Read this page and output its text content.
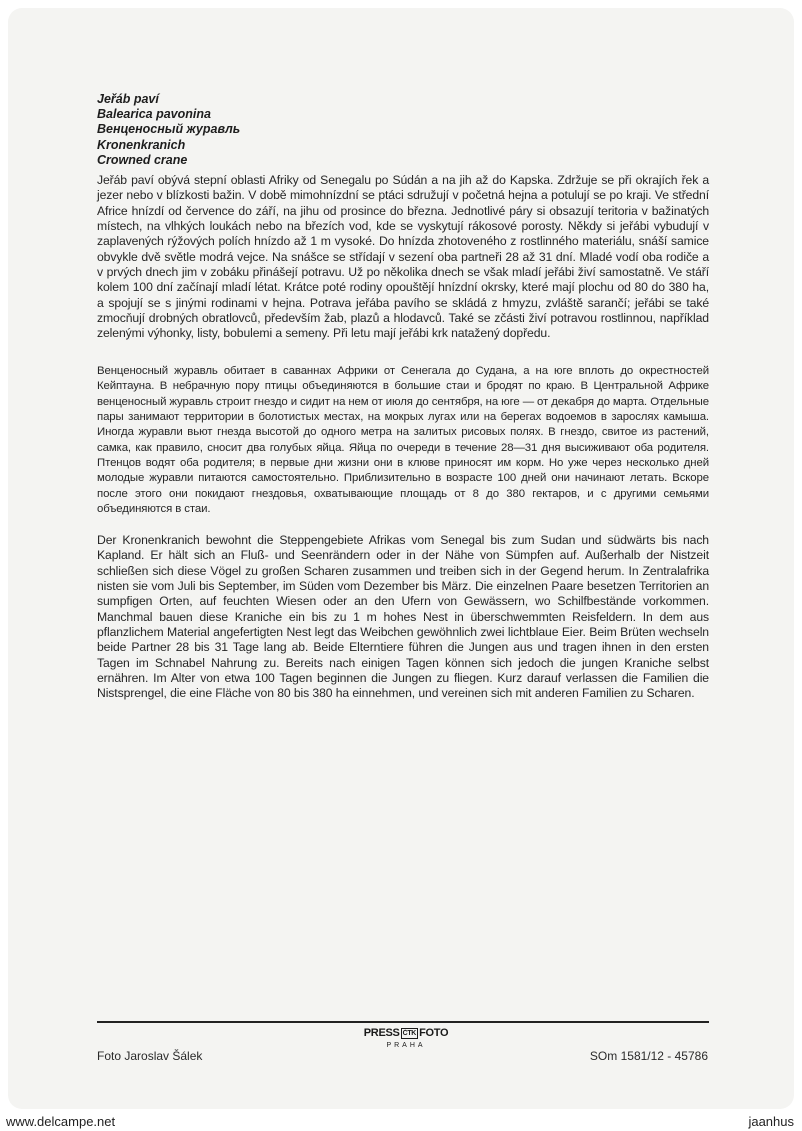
Jeřáb paví
Balearica pavonina
Венценосный журавль
Kronenkranich
Crowned crane
Jeřáb paví obývá stepní oblasti Afriky od Senegalu po Súdán a na jih až do Kapska. Zdržuje se při okrajích řek a jezer nebo v blízkosti bažin. V době mimohnízdní se ptáci sdružují v početná hejna a potulují se po kraji. Ve střední Africe hnízdí od července do září, na jihu od prosince do března. Jednotlivé páry si obsazují teritoria v bažinatých místech, na vlhkých loukách nebo na březích vod, kde se vyskytují rákosové porosty. Někdy si jeřábi vybudují v zaplavených rýžových polích hnízdo až 1 m vysoké. Do hnízda zhotoveného z rostlinného materiálu, snáší samice obvykle dvě světle modrá vejce. Na snášce se střídají v sezení oba partneři 28 až 31 dní. Mladé vodí oba rodiče a v prvých dnech jim v zobáku přinášejí potravu. Už po několika dnech se však mladí jeřábi živí samostatně. Ve stáří kolem 100 dní začínají mladí létat. Krátce poté rodiny opouštějí hnízdní okrsky, které mají plochu od 80 do 380 ha, a spojují se s jinými rodinami v hejna. Potrava jeřába pavího se skládá z hmyzu, zvláště sarančí; jeřábi se také zmocňují drobných obratlovců, především žab, plazů a hlodavců. Také se zčásti živí potravou rostlinnou, například zelenými výhonky, listy, bobulemi a semeny. Při letu mají jeřábi krk natažený dopředu.
Венценосный журавль обитает в саваннах Африки от Сенегала до Судана, а на юге вплоть до окрестностей Кейптауна. В небрачную пору птицы объединяются в большие стаи и бродят по краю. В Центральной Африке венценосный журавль строит гнездо и сидит на нем от июля до сентября, на юге — от декабря до марта. Отдельные пары занимают территории в болотистых местах, на мокрых лугах или на берегах водоемов в зарослях камыша. Иногда журавли вьют гнезда высотой до одного метра на залитых рисовых полях. В гнездо, свитое из растений, самка, как правило, сносит два голубых яйца. Яйца по очереди в течение 28—31 дня высиживают оба родителя. Птенцов водят оба родителя; в первые дни жизни они в клюве приносят им корм. Но уже через несколько дней молодые журавли питаются самостоятельно. Приблизительно в возрасте 100 дней они начинают летать. Вскоре после этого они покидают гнездовья, охватывающие площадь от 8 до 380 гектаров, и с другими семьями объединяются в стаи.
Der Kronenkranich bewohnt die Steppengebiete Afrikas vom Senegal bis zum Sudan und südwärts bis nach Kapland. Er hält sich an Fluß- und Seenrändern oder in der Nähe von Sümpfen auf. Außerhalb der Nistzeit schließen sich diese Vögel zu großen Scharen zusammen und treiben sich in der Gegend herum. In Zentralafrika nisten sie vom Juli bis September, im Süden vom Dezember bis März. Die einzelnen Paare besetzen Territorien an sumpfigen Orten, auf feuchten Wiesen oder an den Ufern von Gewässern, wo Schilfbestände vorkommen. Manchmal bauen diese Kraniche ein bis zu 1 m hohes Nest in überschwemmten Reisfeldern. In dem aus pflanzlichem Material angefertigten Nest legt das Weibchen gewöhnlich zwei lichtblaue Eier. Beim Brüten wechseln beide Partner 28 bis 31 Tage lang ab. Beide Elterntiere führen die Jungen aus und tragen ihnen in den ersten Tagen im Schnabel Nahrung zu. Bereits nach einigen Tagen können sich jedoch die jungen Kraniche selbst ernähren. Im Alter von etwa 100 Tagen beginnen die Jungen zu fliegen. Kurz darauf verlassen die Familien die Nistsprengel, die eine Fläche von 80 bis 380 ha einnehmen, und vereinen sich mit anderen Familien zu Scharen.
Foto Jaroslav Šálek
PRESS ČTK FOTO
PRAHA
SOm 1581/12 - 45786
www.delcampe.net	jaanhus
